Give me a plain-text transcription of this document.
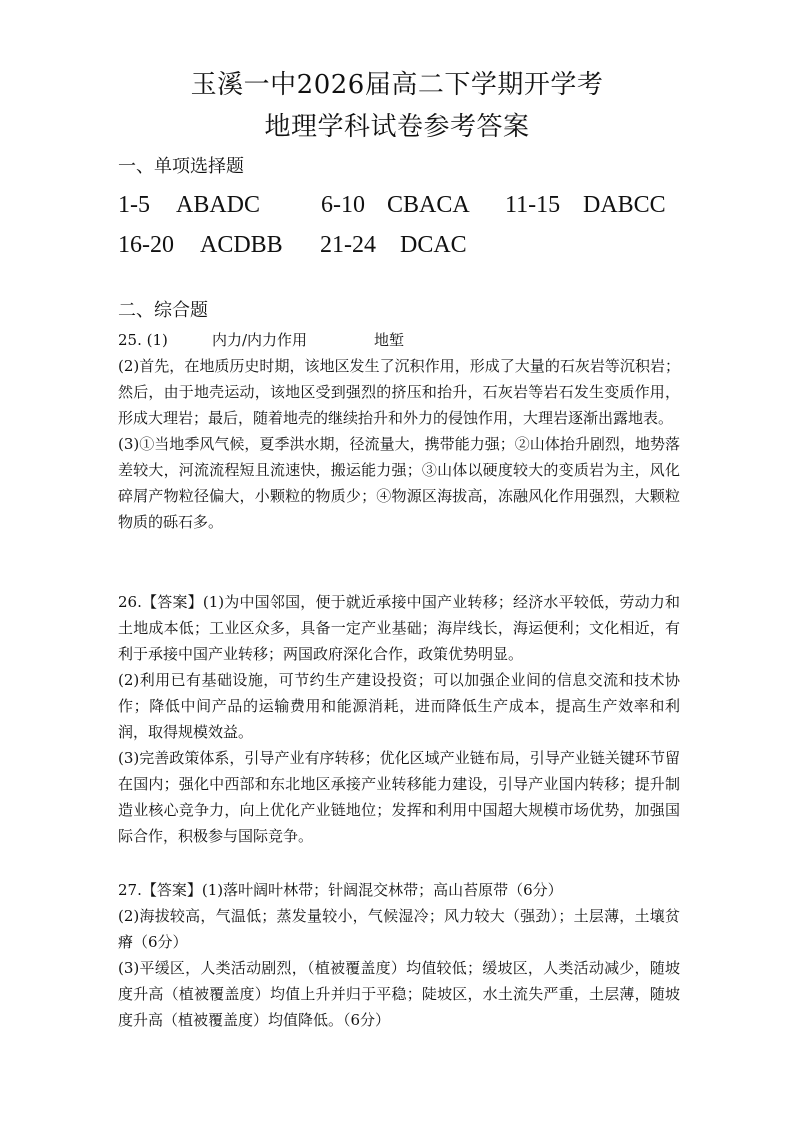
玉溪一中2026届高二下学期开学考
地理学科试卷参考答案
一、单项选择题
1-5 ABADC	6-10 CBACA 11-15 DABCC
16-20 ACDBB 21-24 DCAC
二、综合题

25. (1)	内力/内力作用	地堑

(2)首先，在地质历史时期，该地区发生了沉积作用，形成了大量的石灰岩等沉积岩；然后，由于地壳运动，该地区受到强烈的挤压和抬升，石灰岩等岩石发生变质作用，形成大理岩；最后，随着地壳的继续抬升和外力的侵蚀作用，大理岩逐渐出露地表。

(3)①当地季风气候，夏季洪水期，径流量大，携带能力强；②山体抬升剧烈，地势落差较大，河流流程短且流速快，搬运能力强；③山体以硬度较大的变质岩为主，风化碎屑产物粒径偏大，小颗粒的物质少；④物源区海拔高，冻融风化作用强烈，大颗粒物质的砾石多。

26.【答案】(1)为中国邻国，便于就近承接中国产业转移；经济水平较低，劳动力和土地成本低；工业区众多，具备一定产业基础；海岸线长，海运便利；文化相近，有利于承接中国产业转移；两国政府深化合作，政策优势明显。

(2)利用已有基础设施，可节约生产建设投资；可以加强企业间的信息交流和技术协作；降低中间产品的运输费用和能源消耗，进而降低生产成本，提高生产效率和利润，取得规模效益。

(3)完善政策体系，引导产业有序转移；优化区域产业链布局，引导产业链关键环节留在国内；强化中西部和东北地区承接产业转移能力建设，引导产业国内转移；提升制造业核心竞争力，向上优化产业链地位；发挥和利用中国超大规模市场优势，加强国际合作，积极参与国际竞争。

27.【答案】(1)落叶阔叶林带；针阔混交林带；高山苔原带（6分）

(2)海拔较高，气温低；蒸发量较小，气候湿冷；风力较大（强劲）；土层薄，土壤贫瘠（6分）

(3)平缓区，人类活动剧烈，（植被覆盖度）均值较低；缓坡区，人类活动减少，随坡度升高（植被覆盖度）均值上升并归于平稳；陡坡区，水土流失严重，土层薄，随坡度升高（植被覆盖度）均值降低。（6分）
